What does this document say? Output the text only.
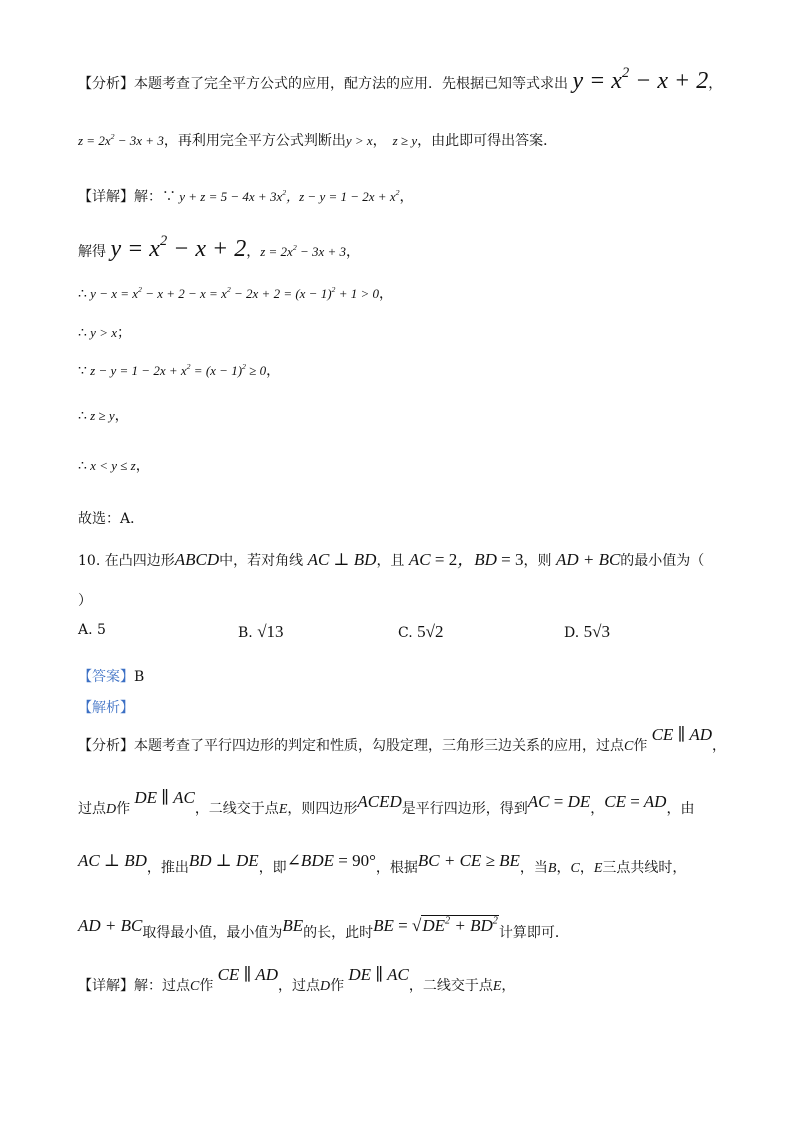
【分析】本题考查了完全平方公式的应用，配方法的应用．先根据已知等式求出 $y = x^2 - x + 2$，
$z = 2x^2 - 3x + 3$，再利用完全平方公式判断出y > x， z ≥ y，由此即可得出答案．
【详解】解：∵ $y + z = 5 - 4x + 3x^2$，$z - y = 1 - 2x + x^2$，
解得 $y = x^2 - x + 2$，$z = 2x^2 - 3x + 3$，
∴ $y - x = x^2 - x + 2 - x = x^2 - 2x + 2 = (x - 1)^2 + 1 > 0$，
∴ y > x；
∵ $z - y = 1 - 2x + x^2 = (x - 1)^2 \ge 0$，
∴ z ≥ y，
∴ x < y ≤ z，
故选：A．
10. 在凸四边形ABCD中，若对角线 AC ⊥ BD，且 AC = 2，BD = 3，则 AD + BC的最小值为（
）
A. 5	B. √13	C. 5√2	D. 5√3
【答案】B
【解析】
【分析】本题考查了平行四边形的判定和性质，勾股定理，三角形三边关系的应用，过点C作 CE ∥ AD，
过点D作 DE ∥ AC，二线交于点E，则四边形ACED是平行四边形，得到AC = DE，CE = AD，由
AC ⊥ BD，推出BD ⊥ DE，即∠BDE = 90°，根据BC + CE ≥ BE，当B，C，E三点共线时，
AD + BC取得最小值，最小值为BE的长，此时BE = $√DE^2 + BD^2$计算即可．
【详解】解：过点C作 CE ∥ AD，过点D作 DE ∥ AC，二线交于点E，
